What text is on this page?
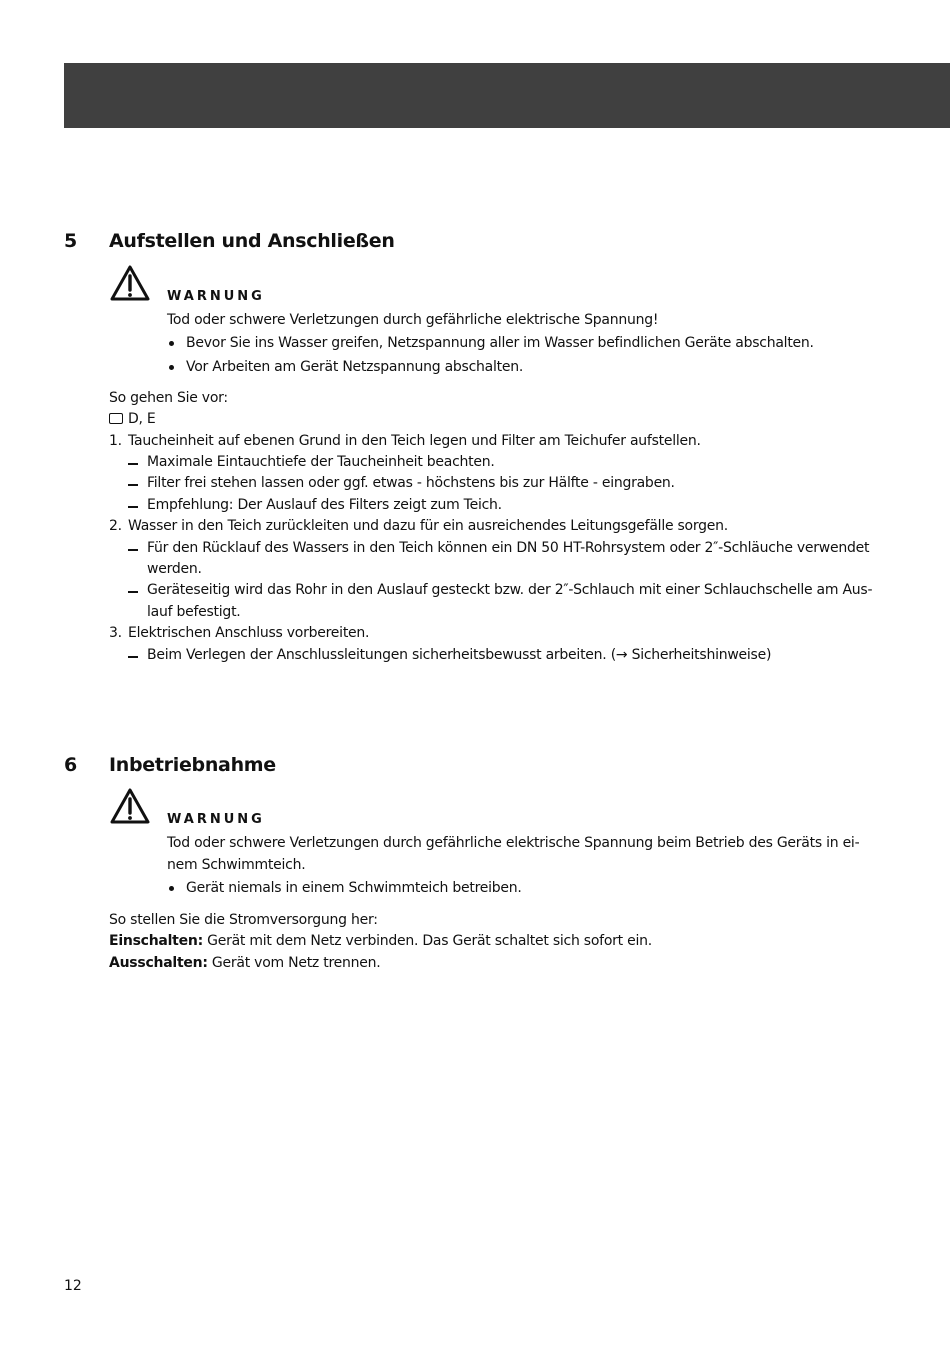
5 Aufstellen und Anschließen
WARNUNG
Tod oder schwere Verletzungen durch gefährliche elektrische Spannung!
Bevor Sie ins Wasser greifen, Netzspannung aller im Wasser befindlichen Geräte abschalten.
Vor Arbeiten am Gerät Netzspannung abschalten.
So gehen Sie vor:
D, E
1. Taucheinheit auf ebenen Grund in den Teich legen und Filter am Teichufer aufstellen.
Maximale Eintauchtiefe der Taucheinheit beachten.
Filter frei stehen lassen oder ggf. etwas - höchstens bis zur Hälfte - eingraben.
Empfehlung: Der Auslauf des Filters zeigt zum Teich.
2. Wasser in den Teich zurückleiten und dazu für ein ausreichendes Leitungsgefälle sorgen.
Für den Rücklauf des Wassers in den Teich können ein DN 50 HT-Rohrsystem oder 2″-Schläuche verwendet
werden.
Geräteseitig wird das Rohr in den Auslauf gesteckt bzw. der 2″-Schlauch mit einer Schlauchschelle am Aus-
lauf befestigt.
3. Elektrischen Anschluss vorbereiten.
Beim Verlegen der Anschlussleitungen sicherheitsbewusst arbeiten. (→ Sicherheitshinweise)
6 Inbetriebnahme
WARNUNG
Tod oder schwere Verletzungen durch gefährliche elektrische Spannung beim Betrieb des Geräts in ei-
nem Schwimmteich.
Gerät niemals in einem Schwimmteich betreiben.
So stellen Sie die Stromversorgung her:
Einschalten: Gerät mit dem Netz verbinden. Das Gerät schaltet sich sofort ein.
Ausschalten: Gerät vom Netz trennen.
12
